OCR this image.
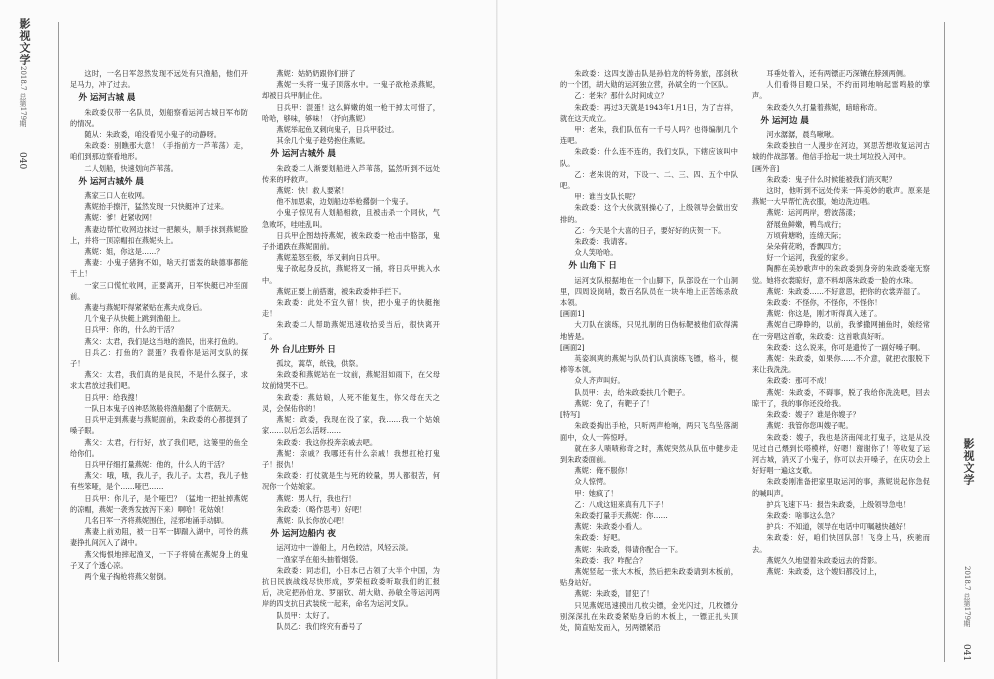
影视文学
2018.7 总第179期
040
影视文学
2018.7 总第179期
041

这时，一名日军忽然发现不远处有只渔船，他们开足马力，冲了过去。

外 运河古城 晨

朱政委仅带一名队员，划船察看运河古城日军布防的情况。

随从：朱政委，咱没看见小鬼子的动静呀。

朱政委：别瞧那大意！（手指前方一芦苇荡）走，咱们到那边察看地形。

二人划船，快速划向芦苇荡。

外 运河古城外 晨

燕家三口人在收网。

燕妮抬手擦汗，猛然发现一只快艇冲了过来。

燕妮：爹！赶紧收网！

燕妻边帮忙收网边抹过一把额头，顺手抹到燕妮脸上，并将一顶凉帽扣在燕妮头上。

燕妮：姐，你这是……？

燕妻：小鬼子猪狗不如，啥天打雷轰的缺德事都能干上！

一家三口慌忙收网，正要离开，日军快艇已冲至面前。

燕妻与燕妮吓得紧紧贴在燕夫成身后。

几个鬼子从快艇上跳到渔船上。

日兵甲：你的，什么的干活？

燕父：太君，我们是这当地的渔民，出来打鱼的。

日兵乙：打鱼的？混蛋？我看你是运河支队的探子！

燕父：太君，我们真的是良民，不是什么探子，求求太君放过我们吧。

日兵甲：给我搜！

一队日本鬼子凶神恶煞般将渔船翻了个底朝天。

日兵甲走到燕妻与燕妮面前，朱政委的心都提到了嗓子眼。

燕父：太君，行行好，放了我们吧，这篓里的鱼全给你们。

日兵甲仔细打量燕妮：他的，什么人的干活？

燕父：哦，哦，我儿子，我儿子。太君，我儿子他有些笨哑，是个……哑巴……

日兵甲：你儿子，是个哑巴？（猛地一把扯掉燕妮的凉帽，燕妮一袭秀发披泻下来）啊哈！花姑娘！

几名日军一齐将燕妮围住，淫邪地涌手动脚。

燕妻上前劝阻，被一日军一脚踹入湖中，可怜的燕妻挣扎间沉入了湖中。

燕父悔恨地摔起渔叉，一下子将骑在燕妮身上的鬼子叉了个透心凉。

两个鬼子掏枪将燕父射倒。

燕妮：姑奶奶跟你们拼了

燕妮一头将一鬼子顶落水中。一鬼子欲枪杀燕妮，却被日兵甲制止住。

日兵甲：混蛋！这么鲜嫩的姐一枪干掉太可惜了，哈哈，够味，够味！（抒向燕妮）

燕妮举起鱼叉刺向鬼子，日兵甲驳过。

其余几个鬼子趁势抱住燕妮。

外 运河古城外 晨

朱政委二人渐要划船进入芦苇荡，猛然听到不远处传来的呼救声。

燕妮：快！救人要紧！

他不加思索，边划船边举枪撂倒一个鬼子。

小鬼子惊见有人划船相救，且被击杀一个同伙，气急败坏，哇哇乱叫。

日兵甲企图劫持燕妮，被朱政委一枪击中胳部，鬼子扑通跌在燕妮面前。

燕妮羞怒至极，举叉刺向日兵甲。

鬼子欲起身反抗，燕妮将叉一捅，将日兵甲挑入水中。

燕妮正要上前搭谢，被朱政委伸手拦下。

朱政委：此处不宜久留！快，把小鬼子的快艇拖走！

朱政委二人帮助燕妮迅速收拾妥当后，很快离开了。

外 台儿庄野外 日

孤坟，蒿草，纸钱，供祭。

朱政委和燕妮站在一坟前，燕妮泪如雨下，在父母坟前恸哭不已。

朱政委：燕姑娘，人死不能复生，你父母在天之灵，会保佑你的！

燕妮：政委，我现在没了家，我……我一个姑娘家……以后怎么活呀……

朱政委：我这你投奔亲戚去吧。

燕妮：亲戚？我哪还有什么亲戚！我想扛枪打鬼子！报仇！

朱政委：打仗就是生与死的较量，男人都很苦，何况你一个姑娘家。

燕妮：男人行，我也行！

朱政委：（略作思考）好吧！

燕妮：队长你放心吧！

外 运河边船内 夜

运河边中一游船上，月色皎洁，风轻云淡。

一渔家孚在船头抽着烟袋。

朱政委：同志们，小日本已占领了大半个中国，为抗日民族战线尽快形成，罗荣桓政委听取我们的汇报后，决定把孙伯龙、罗丽钦、胡大勋、孙敏全等运河两岸的四支抗日武装统一起来，命名为运河支队。

队员甲：太好了。

队员乙：我们终究有番号了

朱政委：这四支游击队是孙伯龙的特务旅，邵剑秋的一个团，胡大勋的运河独立营，孙斌全的一个区队。

乙：老朱？那什么时间成立？

朱政委：再过3天就是1943年1月1日，为了吉祥，就在这天成立。

甲：老朱，我们队伍有一千号人吗？也得编制几个连吧。

朱政委：什么连不连的，我们支队，下辖应该叫中队。

乙：老朱说的对，下设一、二、三、四、五个中队吧。

甲：谁当支队长呢？

朱政委：这个大伙就别操心了，上级领导会做出安排的。

乙：今天是个大喜的日子，要好好的庆贺一下。

朱政委：我请客。

众人笑哈哈。

外 山角下 日

运河支队根据地在一个山脚下，队部设在一个山洞里，四周设岗哨，数百名队员在一块车地上正苦练杀敌本领。

[画面1]

大刀队在演练，只见扎制的日伪标靶被他们砍得满地皆是。

[画面2]

英姿飒爽的燕妮与队员们认真演练飞镖，格斗，棍棒等本领。

众人齐声叫好。

队员甲：去，给朱政委扶几个靶子。

燕妮：免了，有靶子了！

[特写]

朱政委掏出手枪，只听两声枪响，两只飞鸟坠落湖面中，众人一阵惊呼。

就在多人啧啧称奇之时，燕妮突然从队伍中健步走到朱政委面前。

燕妮：俺不服你！

众人惊愕。

甲：她疯了！

乙：八成这妞来真有几下子！

朱政委打量手天燕妮：你……

燕妮：朱政委小看人。

朱政委：好吧。

燕妮：朱政委，得请你配合一下。

朱政委：我？咋配合？

燕妮竖起一张大木板，然后把朱政委请到木板前，贴身站好。

燕妮：朱政委，冒犯了！

只见燕妮迅速摸出几枚尖镖，金光闪过，几枚镖分别深深扎在朱政委紧贴身后的木板上，一镖正扎头顶处，简直贴发而入，另两镖紧沿

耳垂处着入，还有两镖正巧深镶在脖颈两侧。

人们看得目瞪口呆，不约而同地响起雷鸣般的掌声。

朱政委久久打量着燕妮，暗暗称奇。

外 运河边 晨

河水潺潺，晨鸟啾啾。

朱政委独自一人漫步在河边，冥思苦想收复运河古城的作战部署。他信手拾起一块土坷垃投入河中。

[画外音]

朱政委：鬼子什么时候能被我们消灭呢？

这时，他听到不远处传来一阵美妙的歌声。原来是燕妮一大早帮忙洗衣服，她边洗边唱。

燕妮：运河两岸，碧波荡漾；

舒展鱼鲜嫩，鸭鸟成行；

万顷荷塘哟，连绵天际；

朵朵荷花哟，香飘四方；

好一个运河，我爱的家乡。

陶醉在美妙歌声中的朱政委到身旁的朱政委毫无察觉。她将衣裳晾好，意不料却落朱政委一脸的水珠。

燕妮：朱政委……不好意思，把你的衣裳弄湿了。

朱政委：不怪你，不怪你，不怪你！

燕妮：你这是，刚才听得真入迷了。

燕妮自己睁睁的，以前，我爹撒网捕鱼时，娘经常在一旁唱这首歌，朱政委：这首歌真好听。

朱政委：这么说来，你可是遗传了一副好嗓子啊。

燕妮：朱政委，如果你……不介意，就把衣服脱下来让我洗洗。

朱政委：那可不成！

燕妮：朱政委，不碍事，脱了我给你洗洗吧，回去晾干了，我的事你还没给我。

朱政委：嫂子？谁是你嫂子？

燕妮：我管你您叫嫂子呢。

朱政委：嫂子，我也是济南闯北打鬼子，这是从没见过自己煨到长嗒模样，好嗯！谢谢你了！等收复了运河古城，消灭了小鬼子，你可以去开嗓子，在庆功会上好好唱一遍这支歌。

朱政委刚准备把家里取运河的事，燕妮说起你急促的喊叫声。

护兵飞速下马：报告朱政委，上级领导急电！

朱政委：啥事这么急？

护兵：不知道，领导在电话中叮嘱越快越好！

朱政委：好，咱们快回队部！飞身上马，疾驰而去。

燕妮久久地望着朱政委远去的背影。

燕妮：朱政委，这个嫂妇都没讨上，
